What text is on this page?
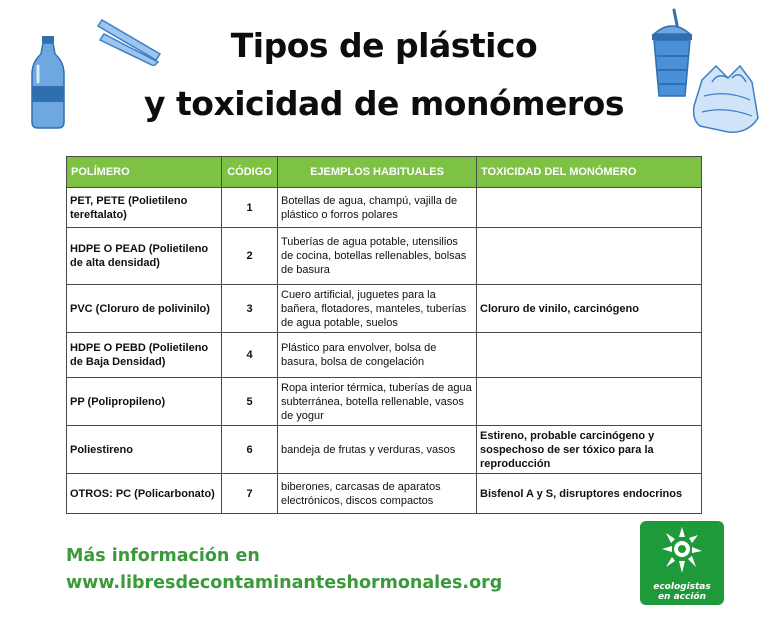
Tipos de plástico
y toxicidad de monómeros
POLÍMERO	CÓDIGO	EJEMPLOS HABITUALES	TOXICIDAD DEL MONÓMERO
PET, PETE (Polietileno tereftalato)	1	Botellas de agua, champú, vajilla de plástico o forros polares	
HDPE O PEAD (Polietileno de alta densidad)	2	Tuberías de agua potable, utensilios de cocina, botellas rellenables, bolsas de basura	
PVC (Cloruro de polivinilo)	3	Cuero artificial, juguetes para la bañera, flotadores, manteles, tuberías de agua potable, suelos	Cloruro de vinilo, carcinógeno
HDPE O PEBD (Polietileno de Baja Densidad)	4	Plástico para envolver, bolsa de basura, bolsa de congelación	
PP (Polipropileno)	5	Ropa interior térmica, tuberías de agua subterránea, botella rellenable, vasos de yogur	
Poliestireno	6	bandeja de frutas y verduras, vasos	Estireno, probable carcinógeno y sospechoso de ser tóxico para la reproducción
OTROS: PC (Policarbonato)	7	biberones, carcasas de aparatos electrónicos, discos compactos	Bisfenol A y S, disruptores endocrinos
Más información en
www.libresdecontaminanteshormonales.org	ecologistas
en acción
